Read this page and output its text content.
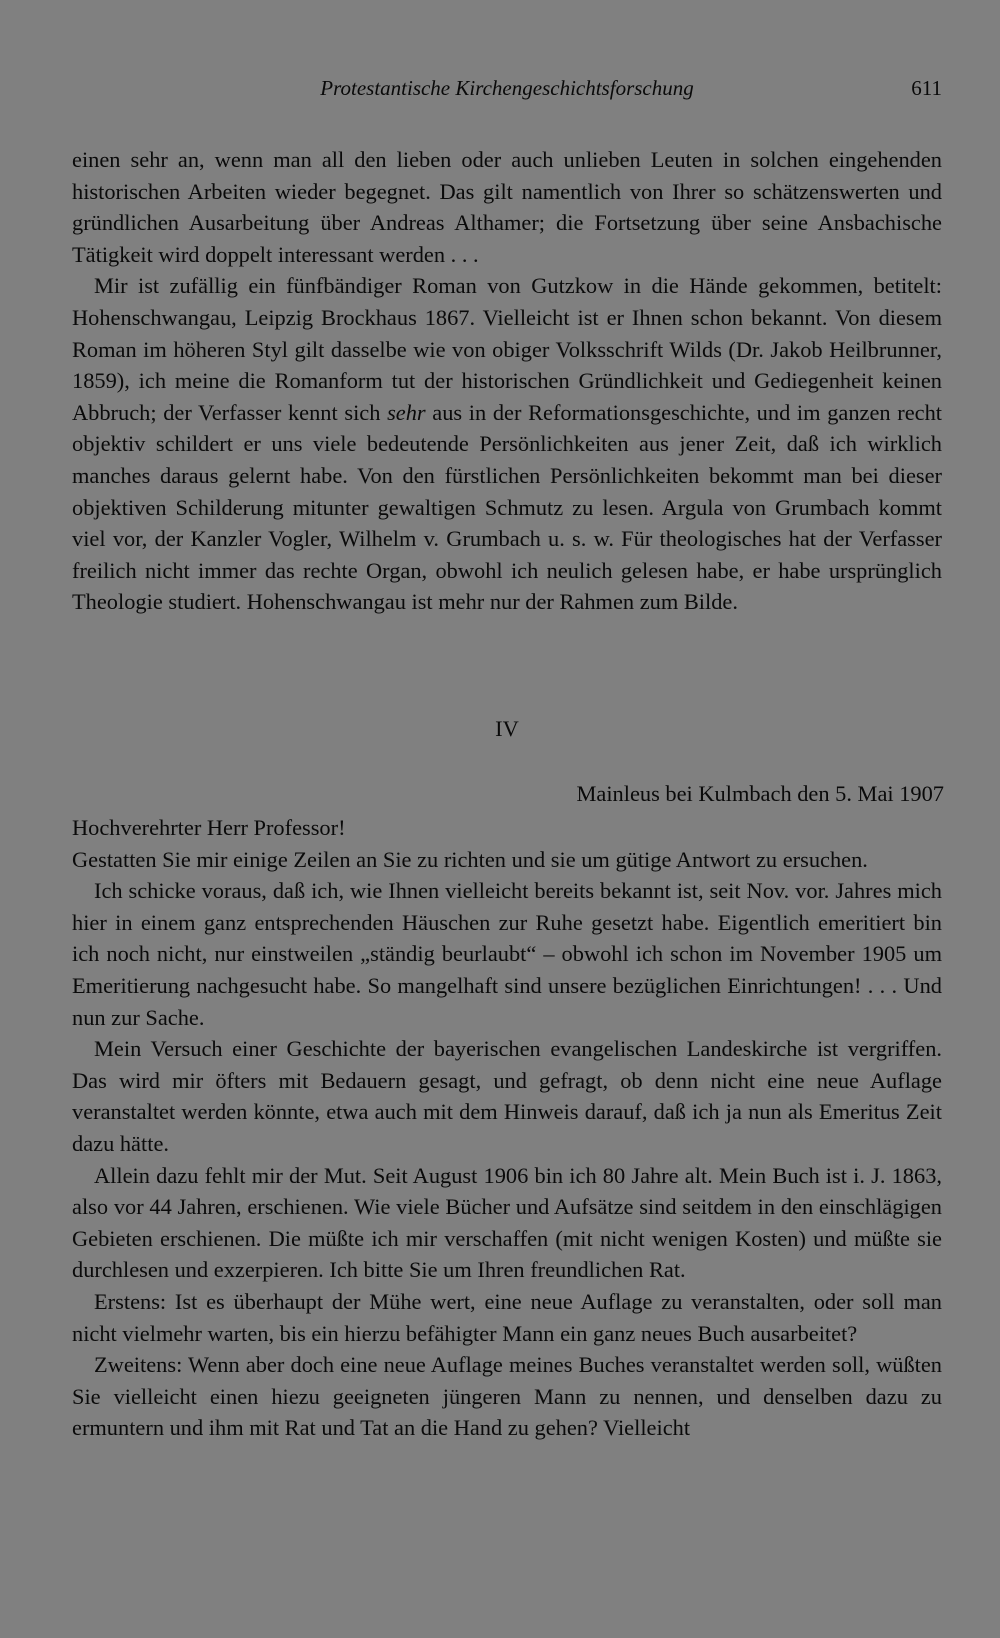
Protestantische Kirchengeschichtsforschung	611

einen sehr an, wenn man all den lieben oder auch unlieben Leuten in solchen eingehenden historischen Arbeiten wieder begegnet. Das gilt namentlich von Ihrer so schätzenswerten und gründlichen Ausarbeitung über Andreas Althamer; die Fortsetzung über seine Ansbachische Tätigkeit wird doppelt interessant werden . . .

Mir ist zufällig ein fünfbändiger Roman von Gutzkow in die Hände gekommen, betitelt: Hohenschwangau, Leipzig Brockhaus 1867. Vielleicht ist er Ihnen schon bekannt. Von diesem Roman im höheren Styl gilt dasselbe wie von obiger Volksschrift Wilds (Dr. Jakob Heilbrunner, 1859), ich meine die Romanform tut der historischen Gründlichkeit und Gediegenheit keinen Abbruch; der Verfasser kennt sich sehr aus in der Reformationsgeschichte, und im ganzen recht objektiv schildert er uns viele bedeutende Persönlichkeiten aus jener Zeit, daß ich wirklich manches daraus gelernt habe. Von den fürstlichen Persönlichkeiten bekommt man bei dieser objektiven Schilderung mitunter gewaltigen Schmutz zu lesen. Argula von Grumbach kommt viel vor, der Kanzler Vogler, Wilhelm v. Grumbach u. s. w. Für theologisches hat der Verfasser freilich nicht immer das rechte Organ, obwohl ich neulich gelesen habe, er habe ursprünglich Theologie studiert. Hohenschwangau ist mehr nur der Rahmen zum Bilde.

IV
Mainleus bei Kulmbach den 5. Mai 1907

Hochverehrter Herr Professor!

Gestatten Sie mir einige Zeilen an Sie zu richten und sie um gütige Antwort zu ersuchen.

Ich schicke voraus, daß ich, wie Ihnen vielleicht bereits bekannt ist, seit Nov. vor. Jahres mich hier in einem ganz entsprechenden Häuschen zur Ruhe gesetzt habe. Eigentlich emeritiert bin ich noch nicht, nur einstweilen „ständig beurlaubt“ – obwohl ich schon im November 1905 um Emeritierung nachgesucht habe. So mangelhaft sind unsere bezüglichen Einrichtungen! . . . Und nun zur Sache.

Mein Versuch einer Geschichte der bayerischen evangelischen Landeskirche ist vergriffen. Das wird mir öfters mit Bedauern gesagt, und gefragt, ob denn nicht eine neue Auflage veranstaltet werden könnte, etwa auch mit dem Hinweis darauf, daß ich ja nun als Emeritus Zeit dazu hätte.

Allein dazu fehlt mir der Mut. Seit August 1906 bin ich 80 Jahre alt. Mein Buch ist i. J. 1863, also vor 44 Jahren, erschienen. Wie viele Bücher und Aufsätze sind seitdem in den einschlägigen Gebieten erschienen. Die müßte ich mir verschaffen (mit nicht wenigen Kosten) und müßte sie durchlesen und exzerpieren. Ich bitte Sie um Ihren freundlichen Rat.

Erstens: Ist es überhaupt der Mühe wert, eine neue Auflage zu veranstalten, oder soll man nicht vielmehr warten, bis ein hierzu befähigter Mann ein ganz neues Buch ausarbeitet?

Zweitens: Wenn aber doch eine neue Auflage meines Buches veranstaltet werden soll, wüßten Sie vielleicht einen hiezu geeigneten jüngeren Mann zu nennen, und denselben dazu zu ermuntern und ihm mit Rat und Tat an die Hand zu gehen? Vielleicht
